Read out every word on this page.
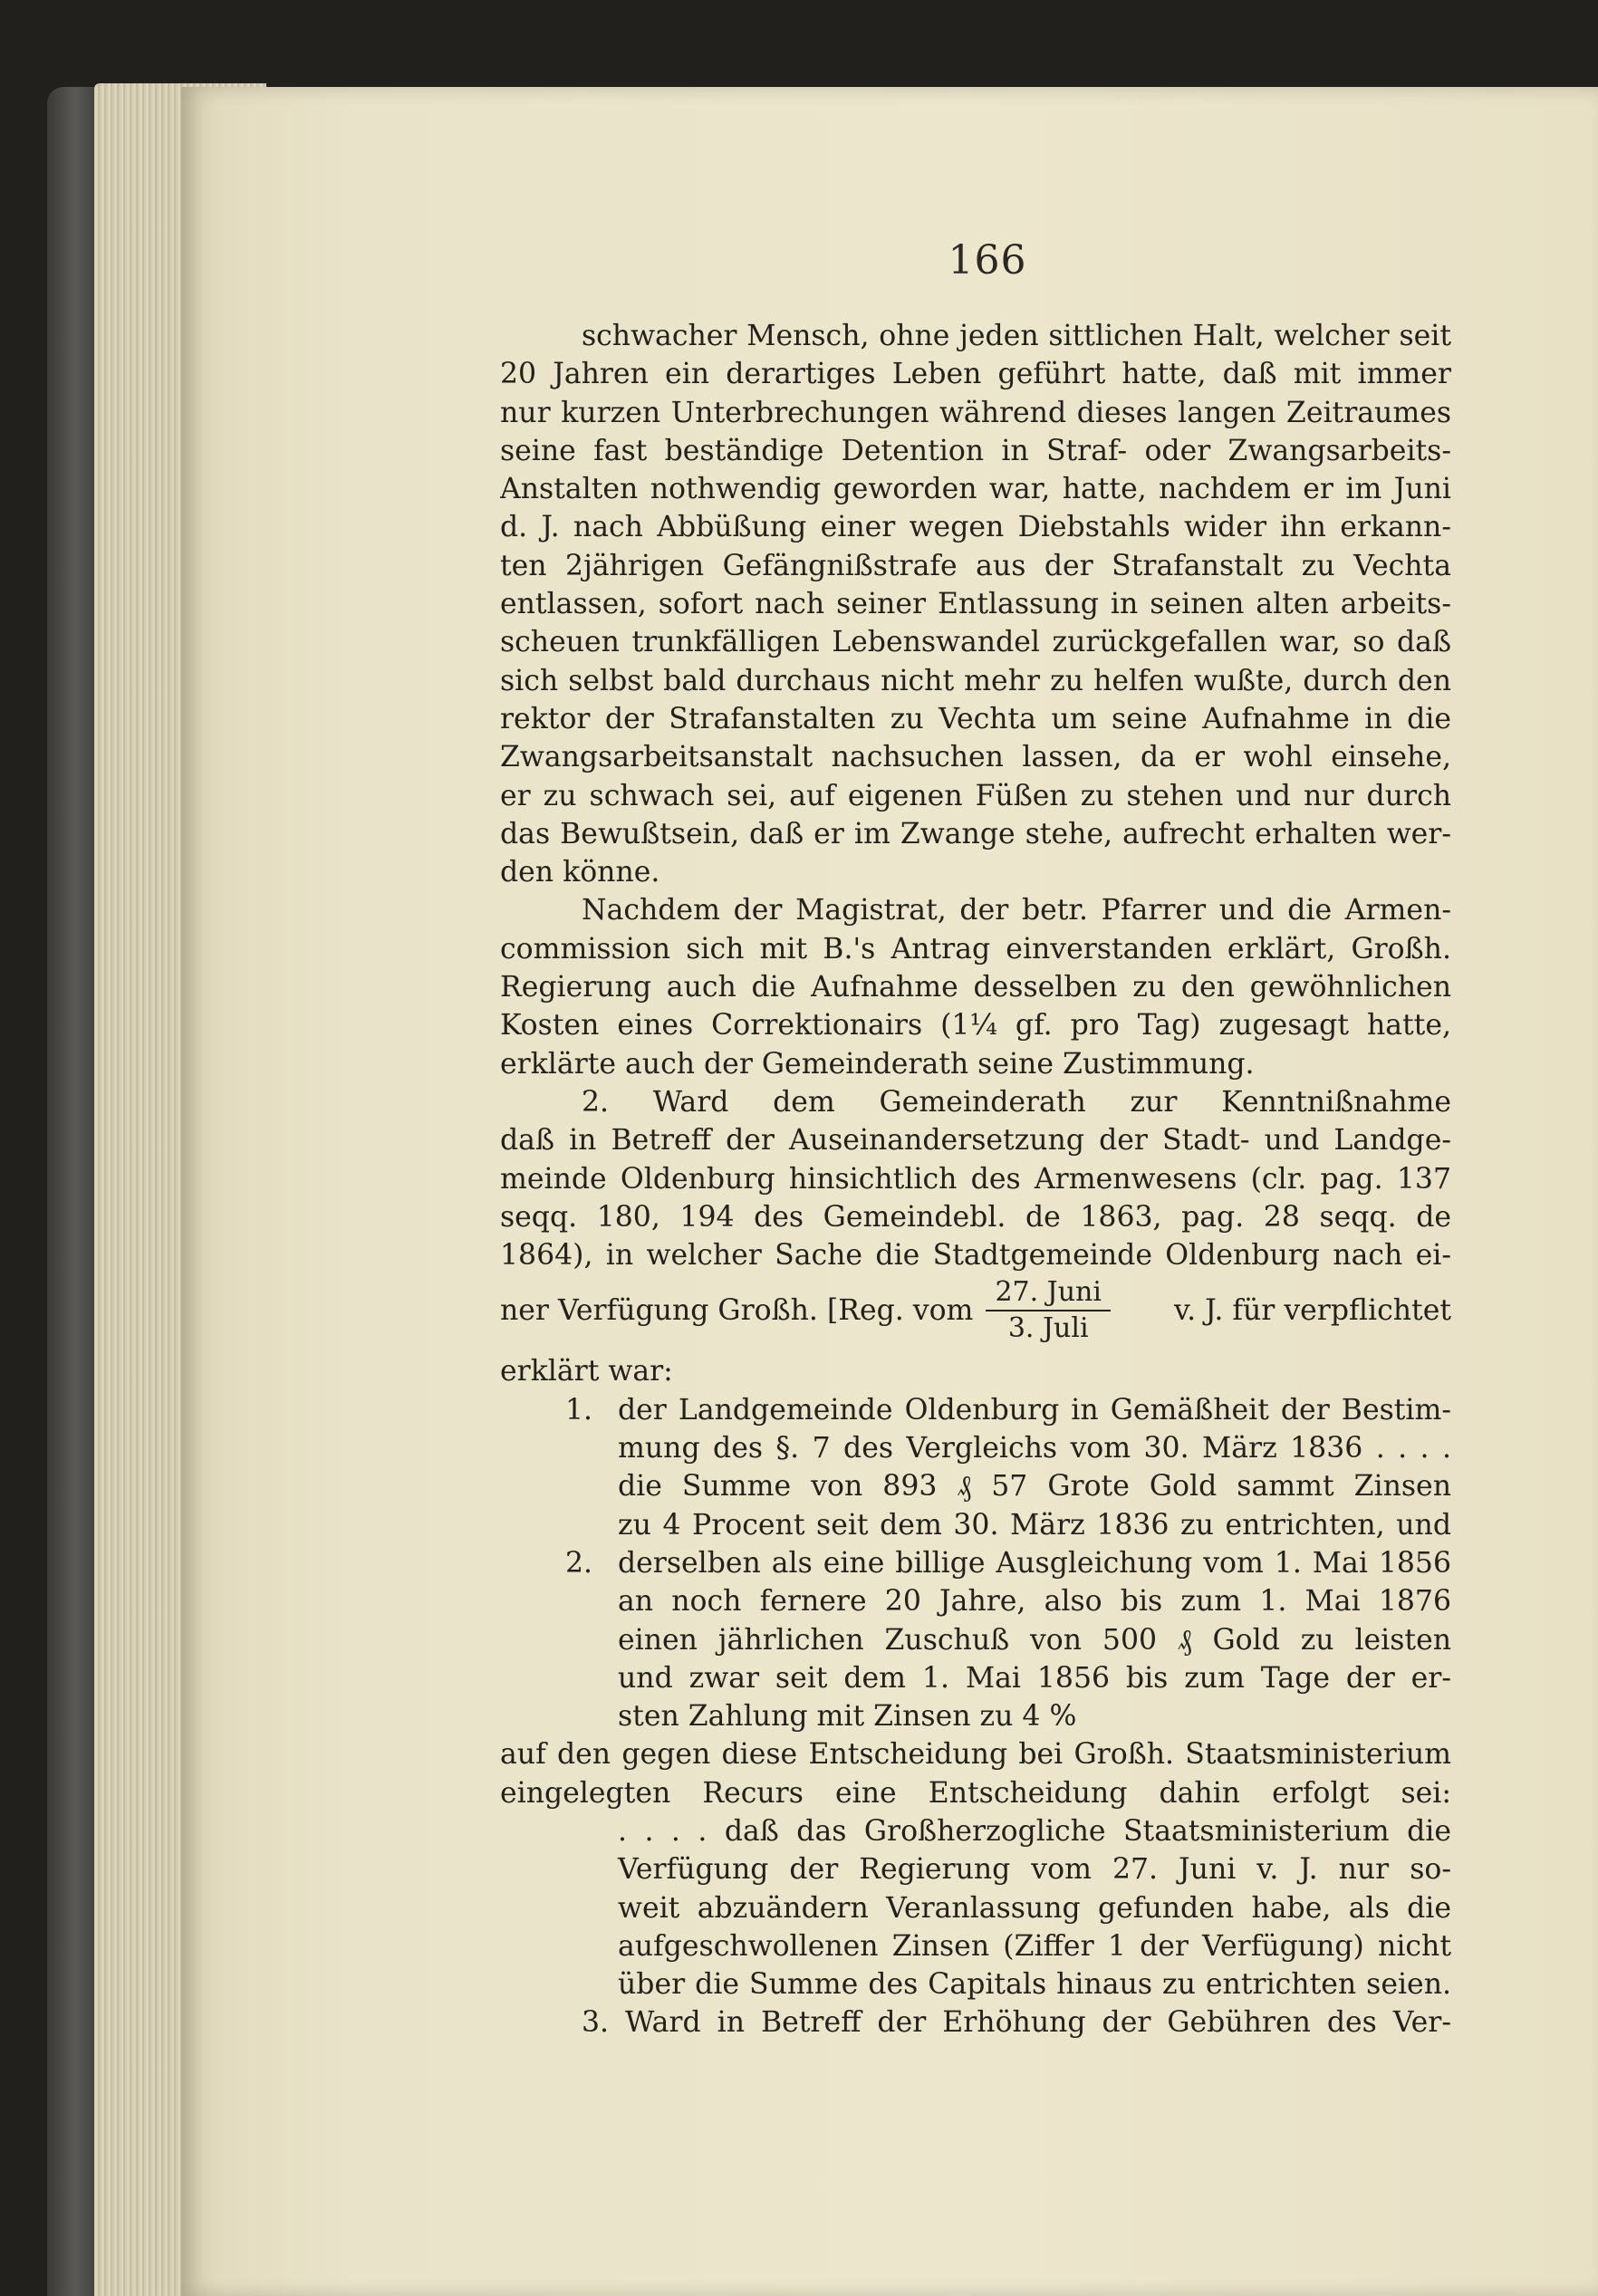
166
schwacher Mensch, ohne jeden sittlichen Halt, welcher seit
20 Jahren ein derartiges Leben geführt hatte, daß mit immer
nur kurzen Unterbrechungen während dieses langen Zeitraumes
seine fast beständige Detention in Straf- oder Zwangsarbeits-
Anstalten nothwendig geworden war, hatte, nachdem er im Juni
d. J. nach Abbüßung einer wegen Diebstahls wider ihn erkann-
ten 2jährigen Gefängnißstrafe aus der Strafanstalt zu Vechta
entlassen, sofort nach seiner Entlassung in seinen alten arbeits-
scheuen trunkfälligen Lebenswandel zurückgefallen war, so daß
sich selbst bald durchaus nicht mehr zu helfen wußte, durch den
rektor der Strafanstalten zu Vechta um seine Aufnahme in die
Zwangsarbeitsanstalt nachsuchen lassen, da er wohl einsehe,
er zu schwach sei, auf eigenen Füßen zu stehen und nur durch
das Bewußtsein, daß er im Zwange stehe, aufrecht erhalten wer-
den könne.
Nachdem der Magistrat, der betr. Pfarrer und die Armen-
commission sich mit B.'s Antrag einverstanden erklärt, Großh.
Regierung auch die Aufnahme desselben zu den gewöhnlichen
Kosten eines Correktionairs (1¼ gf. pro Tag) zugesagt hatte,
erklärte auch der Gemeinderath seine Zustimmung.
2. Ward dem Gemeinderath zur Kenntnißnahme
daß in Betreff der Auseinandersetzung der Stadt- und Landge-
meinde Oldenburg hinsichtlich des Armenwesens (clr. pag. 137
seqq. 180, 194 des Gemeindebl. de 1863, pag. 28 seqq. de
1864), in welcher Sache die Stadtgemeinde Oldenburg nach ei-
ner Verfügung Großh. [Reg. vom $\frac{\text{27. Juni}}{\text{3. Juli}}$	v. J. für verpflichtet
erklärt war:
1. der Landgemeinde Oldenburg in Gemäßheit der Bestim-
mung des §. 7 des Vergleichs vom 30. März 1836 . . . .
die Summe von 893 ₰ 57 Grote Gold sammt Zinsen
zu 4 Procent seit dem 30. März 1836 zu entrichten, und
2. derselben als eine billige Ausgleichung vom 1. Mai 1856
an noch fernere 20 Jahre, also bis zum 1. Mai 1876
einen jährlichen Zuschuß von 500 ₰ Gold zu leisten
und zwar seit dem 1. Mai 1856 bis zum Tage der er-
sten Zahlung mit Zinsen zu 4 %
auf den gegen diese Entscheidung bei Großh. Staatsministerium
eingelegten Recurs eine Entscheidung dahin erfolgt sei:
. . . . daß das Großherzogliche Staatsministerium die
Verfügung der Regierung vom 27. Juni v. J. nur so-
weit abzuändern Veranlassung gefunden habe, als die
aufgeschwollenen Zinsen (Ziffer 1 der Verfügung) nicht
über die Summe des Capitals hinaus zu entrichten seien.
3. Ward in Betreff der Erhöhung der Gebühren des Ver-
